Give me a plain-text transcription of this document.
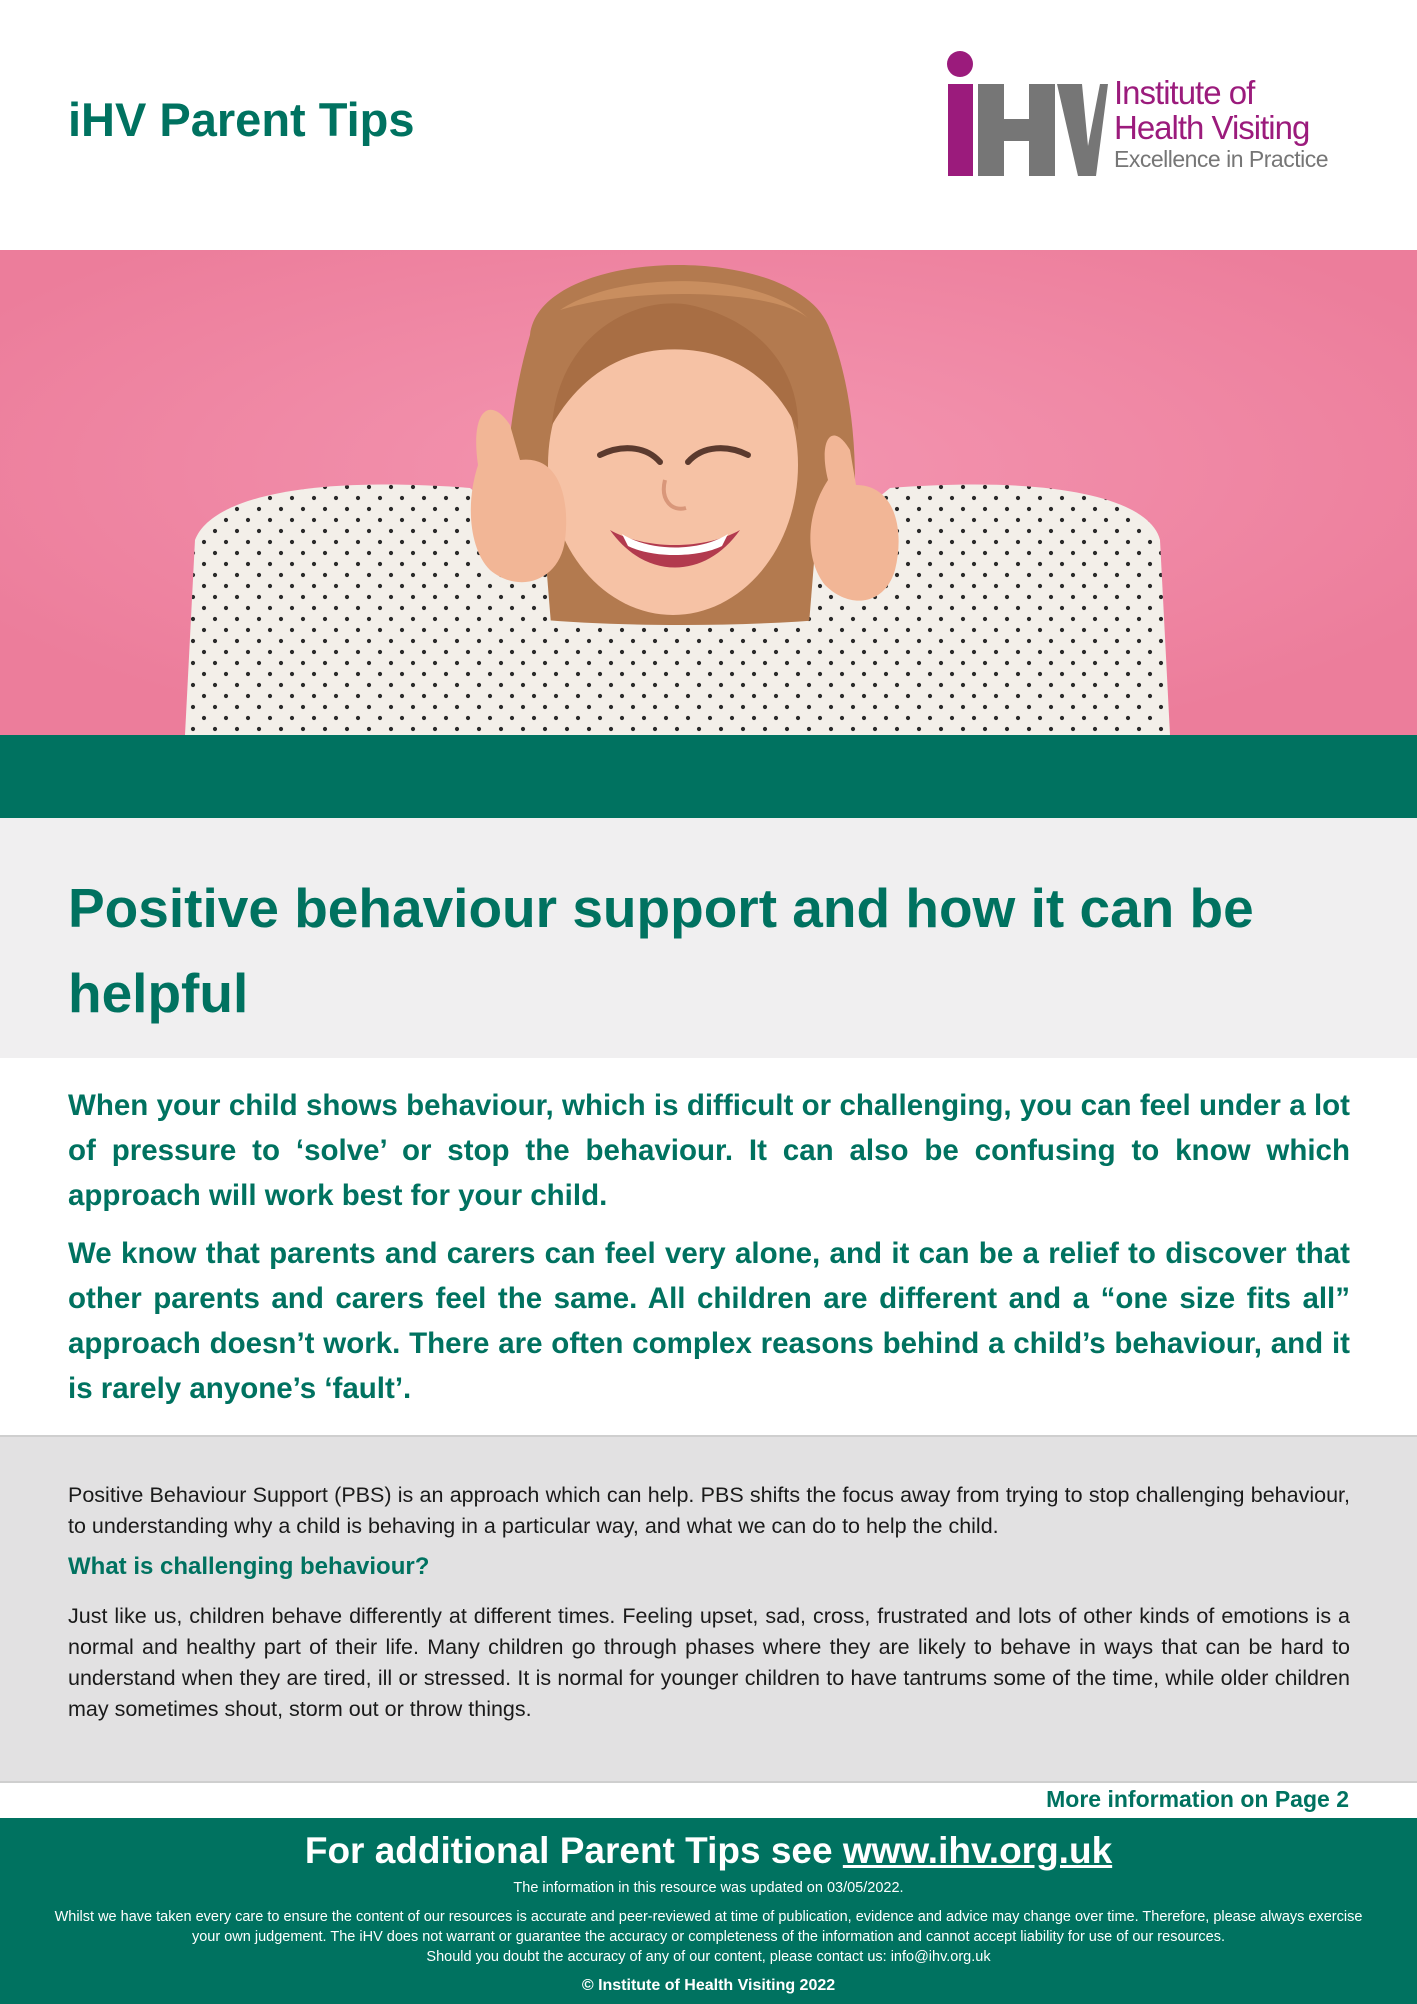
iHV Parent Tips
Institute of
Health Visiting
Excellence in Practice
Positive behaviour support and how it can be helpful

When your child shows behaviour, which is difficult or challenging, you can feel under a lot of pressure to ‘solve’ or stop the behaviour. It can also be confusing to know which approach will work best for your child.

We know that parents and carers can feel very alone, and it can be a relief to discover that other parents and carers feel the same. All children are different and a “one size fits all” approach doesn’t work. There are often complex reasons behind a child’s behaviour, and it is rarely anyone’s ‘fault’.

Positive Behaviour Support (PBS) is an approach which can help. PBS shifts the focus away from trying to stop challenging behaviour, to understanding why a child is behaving in a particular way, and what we can do to help the child.

What is challenging behaviour?

Just like us, children behave differently at different times. Feeling upset, sad, cross, frustrated and lots of other kinds of emotions is a normal and healthy part of their life. Many children go through phases where they are likely to behave in ways that can be hard to understand when they are tired, ill or stressed. It is normal for younger children to have tantrums some of the time, while older children may sometimes shout, storm out or throw things.

More information on Page 2
For additional Parent Tips see www.ihv.org.uk
The information in this resource was updated on 03/05/2022.
Whilst we have taken every care to ensure the content of our resources is accurate and peer-reviewed at time of publication, evidence and advice may change over time. Therefore, please always exercise your own judgement. The iHV does not warrant or guarantee the accuracy or completeness of the information and cannot accept liability for use of our resources.
Should you doubt the accuracy of any of our content, please contact us: info@ihv.org.uk
© Institute of Health Visiting 2022
